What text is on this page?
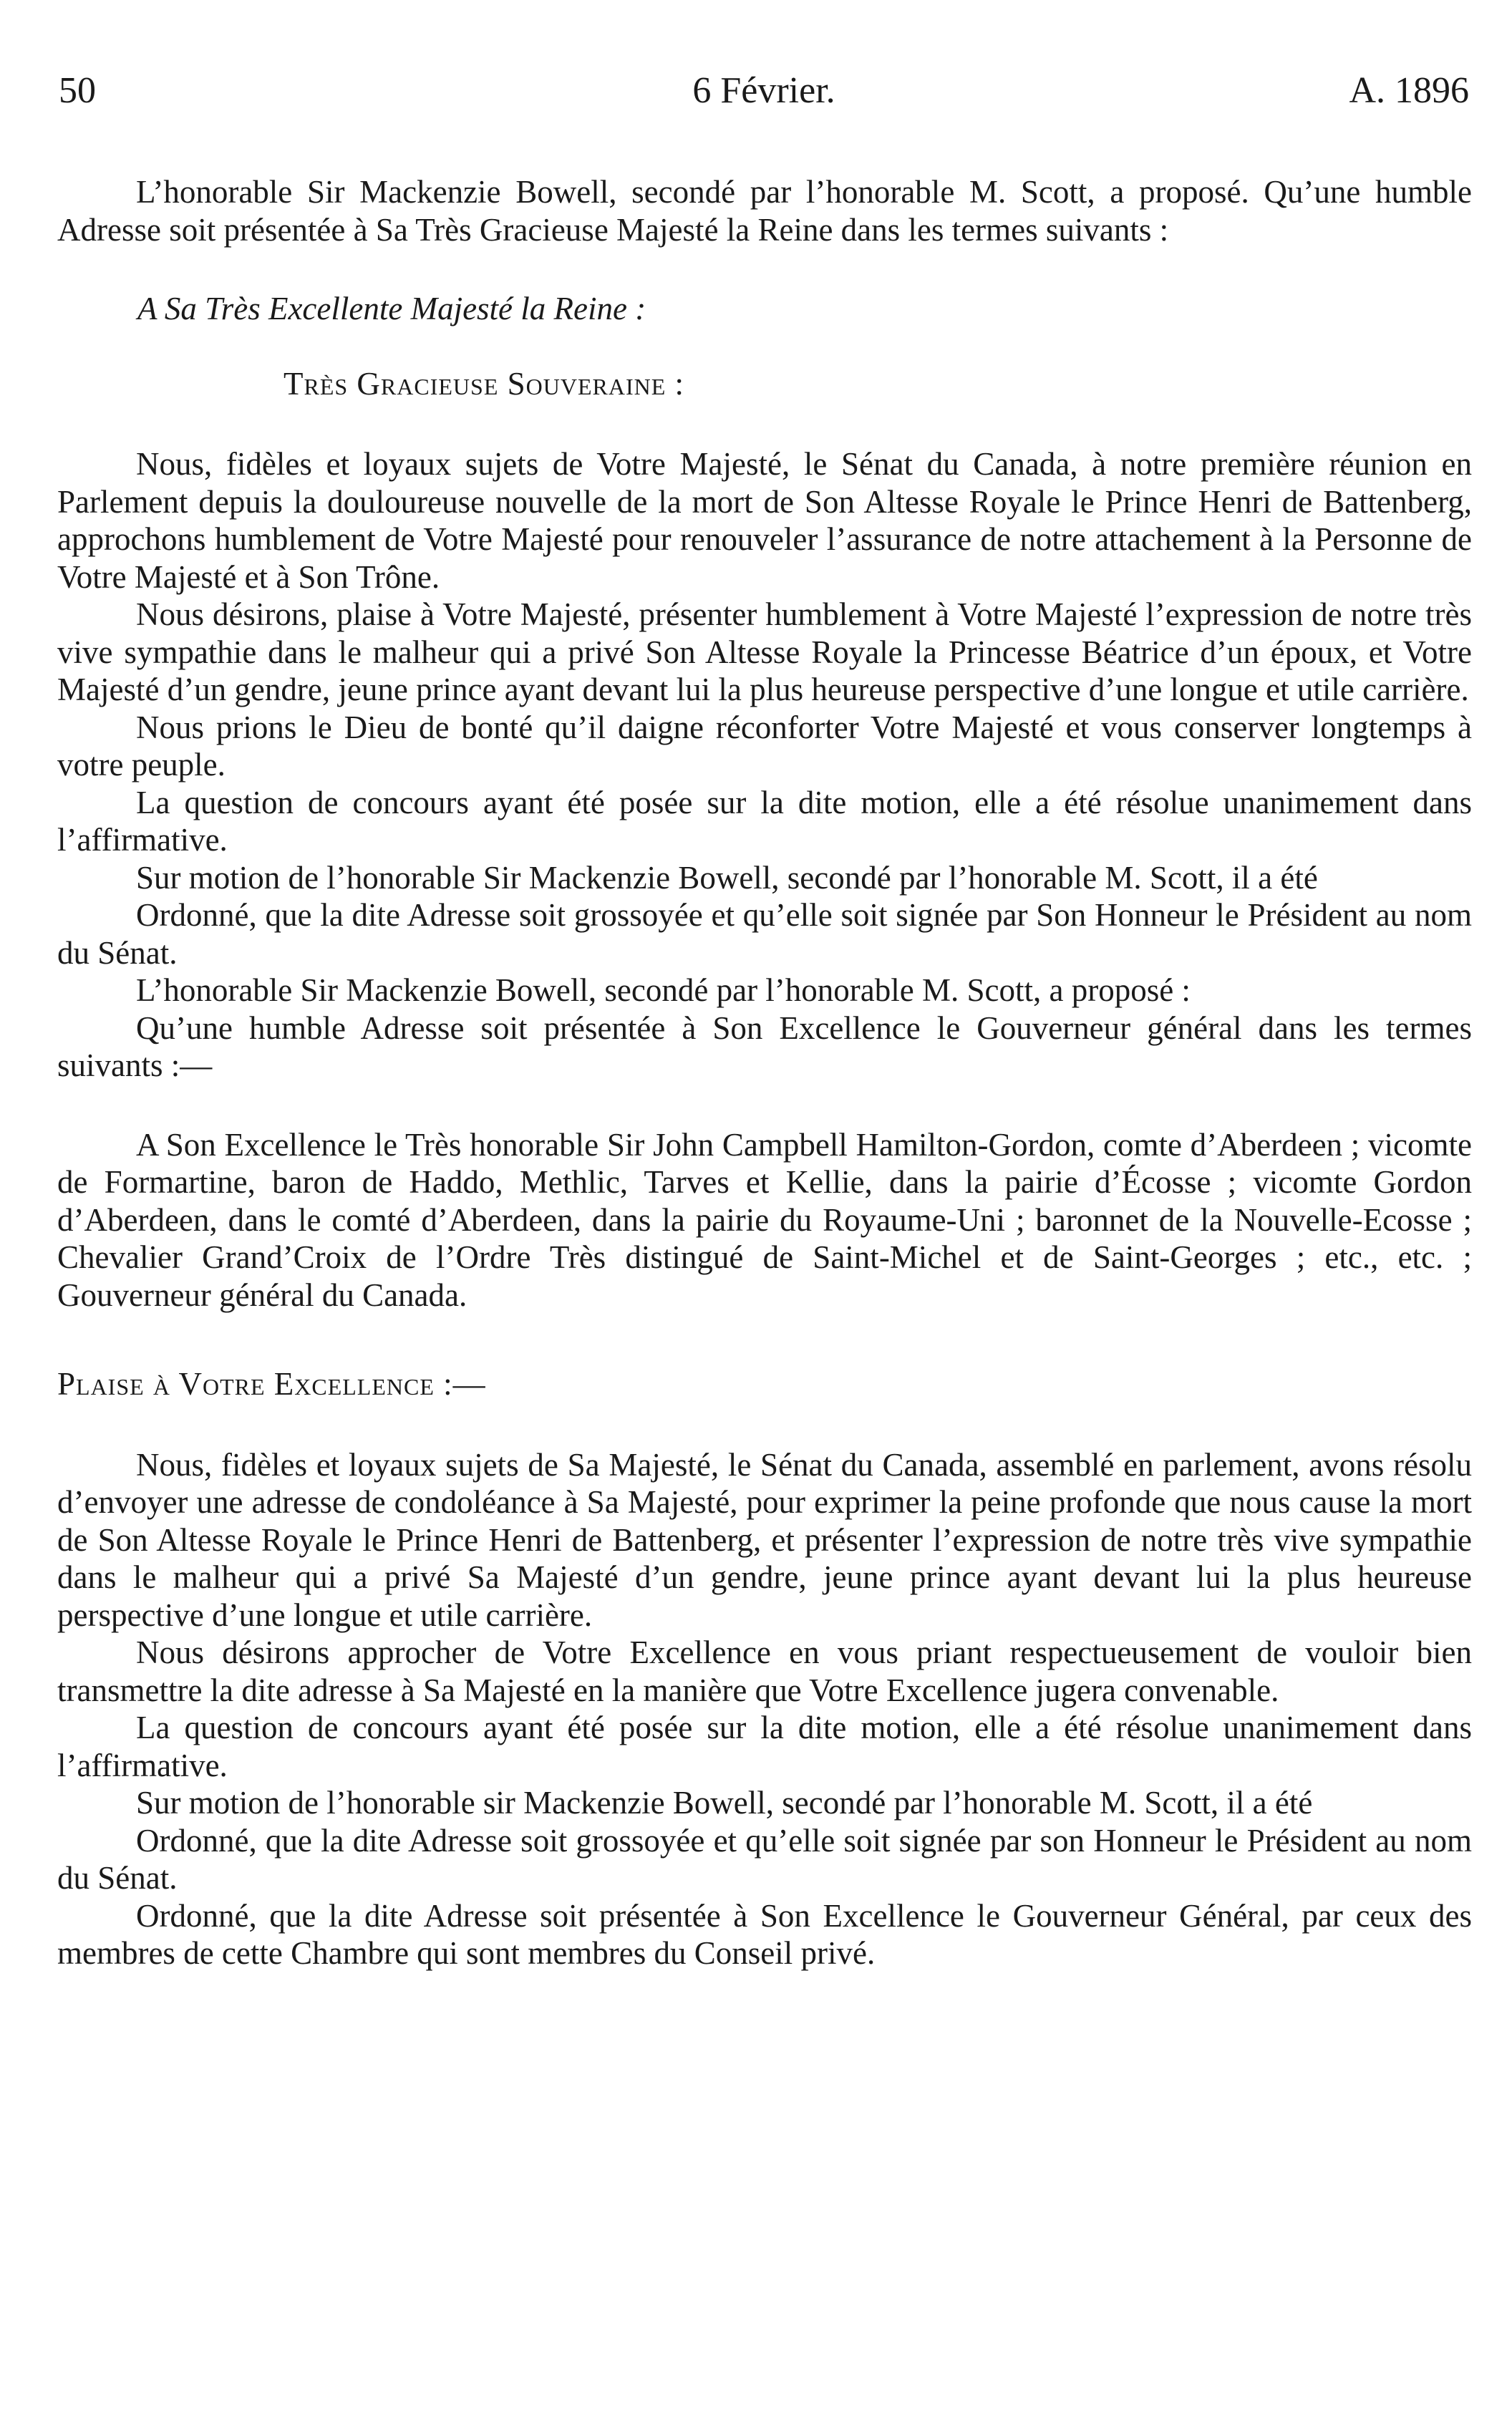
50	6 Février.	A. 1896

L’honorable Sir Mackenzie Bowell, secondé par l’honorable M. Scott, a proposé. Qu’une humble Adresse soit présentée à Sa Très Gracieuse Majesté la Reine dans les termes suivants :

A Sa Très Excellente Majesté la Reine :

Très Gracieuse Souveraine :

Nous, fidèles et loyaux sujets de Votre Majesté, le Sénat du Canada, à notre première réunion en Parlement depuis la douloureuse nouvelle de la mort de Son Altesse Royale le Prince Henri de Battenberg, approchons humblement de Votre Majesté pour renouveler l’assurance de notre attachement à la Personne de Votre Majesté et à Son Trône.

Nous désirons, plaise à Votre Majesté, présenter humblement à Votre Majesté l’expression de notre très vive sympathie dans le malheur qui a privé Son Altesse Royale la Princesse Béatrice d’un époux, et Votre Majesté d’un gendre, jeune prince ayant devant lui la plus heureuse perspective d’une longue et utile carrière.

Nous prions le Dieu de bonté qu’il daigne réconforter Votre Majesté et vous conserver longtemps à votre peuple.

La question de concours ayant été posée sur la dite motion, elle a été résolue unanimement dans l’affirmative.

Sur motion de l’honorable Sir Mackenzie Bowell, secondé par l’honorable M. Scott, il a été

Ordonné, que la dite Adresse soit grossoyée et qu’elle soit signée par Son Honneur le Président au nom du Sénat.

L’honorable Sir Mackenzie Bowell, secondé par l’honorable M. Scott, a proposé :

Qu’une humble Adresse soit présentée à Son Excellence le Gouverneur général dans les termes suivants :—

A Son Excellence le Très honorable Sir John Campbell Hamilton-Gordon, comte d’Aberdeen ; vicomte de Formartine, baron de Haddo, Methlic, Tarves et Kellie, dans la pairie d’Écosse ; vicomte Gordon d’Aberdeen, dans le comté d’Aberdeen, dans la pairie du Royaume-Uni ; baronnet de la Nouvelle-Ecosse ; Chevalier Grand’Croix de l’Ordre Très distingué de Saint-Michel et de Saint-Georges ; etc., etc. ; Gouverneur général du Canada.

Plaise à Votre Excellence :—

Nous, fidèles et loyaux sujets de Sa Majesté, le Sénat du Canada, assemblé en parlement, avons résolu d’envoyer une adresse de condoléance à Sa Majesté, pour exprimer la peine profonde que nous cause la mort de Son Altesse Royale le Prince Henri de Battenberg, et présenter l’expression de notre très vive sympathie dans le malheur qui a privé Sa Majesté d’un gendre, jeune prince ayant devant lui la plus heureuse perspective d’une longue et utile carrière.

Nous désirons approcher de Votre Excellence en vous priant respectueusement de vouloir bien transmettre la dite adresse à Sa Majesté en la manière que Votre Excellence jugera convenable.

La question de concours ayant été posée sur la dite motion, elle a été résolue unanimement dans l’affirmative.

Sur motion de l’honorable sir Mackenzie Bowell, secondé par l’honorable M. Scott, il a été

Ordonné, que la dite Adresse soit grossoyée et qu’elle soit signée par son Honneur le Président au nom du Sénat.

Ordonné, que la dite Adresse soit présentée à Son Excellence le Gouverneur Général, par ceux des membres de cette Chambre qui sont membres du Conseil privé.
